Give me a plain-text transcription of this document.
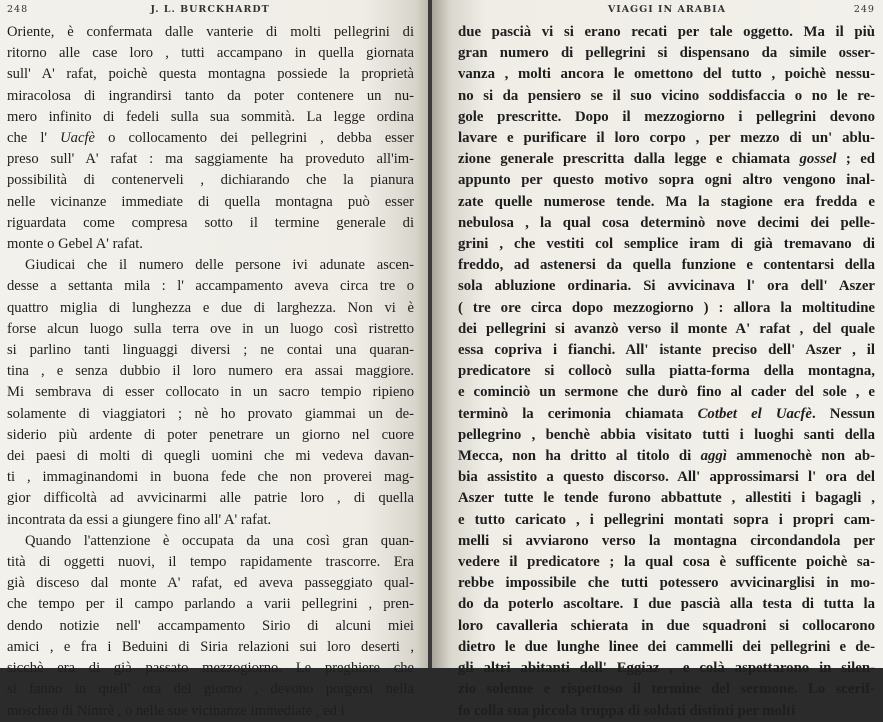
248	J. L. BURCKHARDT

Oriente, è confermata dalle vanterie di molti pellegrini di
ritorno alle case loro , tutti accampano in quella giornata
sull' A' rafat, poichè questa montagna possiede la proprietà
miracolosa di ingrandirsi tanto da poter contenere un nu-
mero infinito di fedeli sulla sua sommità. La legge ordina
che l' Uacfè o collocamento dei pellegrini , debba esser
preso sull' A' rafat : ma saggiamente ha proveduto all'im-
possibilità di contenerveli , dichiarando che la pianura
nelle vicinanze immediate di quella montagna può esser
riguardata come compresa sotto il termine generale di
monte o Gebel A' rafat.

Giudicai che il numero delle persone ivi adunate ascen-
desse a settanta mila : l' accampamento aveva circa tre o
quattro miglia di lunghezza e due di larghezza. Non vi è
forse alcun luogo sulla terra ove in un luogo così ristretto
si parlino tanti linguaggi diversi ; ne contai una quaran-
tina , e senza dubbio il loro numero era assai maggiore.
Mi sembrava di esser collocato in un sacro tempio ripieno
solamente di viaggiatori ; nè ho provato giammai un de-
siderio più ardente di poter penetrare un giorno nel cuore
dei paesi di molti di quegli uomini che mi vedeva davan-
ti , immaginandomi in buona fede che non proverei mag-
gior difficoltà ad avvicinarmi alle patrie loro , di quella
incontrata da essi a giungere fino all' A' rafat.

Quando l'attenzione è occupata da una così gran quan-
tità di oggetti nuovi, il tempo rapidamente trascorre. Era
già disceso dal monte A' rafat, ed aveva passeggiato qual-
che tempo per il campo parlando a varii pellegrini , pren-
dendo notizie nell' accampamento Sirio di alcuni miei
amici , e fra i Beduini di Siria relazioni sui loro deserti ,
sicchè era di già passato mezzogiorno. Le preghiere che
si fanno in quell' ora del giorno , devono porgersi nella
moschea di Nimrè , o nelle sue vicinanze immediate , ed i

VIAGGI IN ARABIA	249

due pascià vi si erano recati per tale oggetto. Ma il più
gran numero di pellegrini si dispensano da simile osser-
vanza , molti ancora le omettono del tutto , poichè nessu-
no si da pensiero se il suo vicino soddisfaccia o no le re-
gole prescritte. Dopo il mezzogiorno i pellegrini devono
lavare e purificare il loro corpo , per mezzo di un' ablu-
zione generale prescritta dalla legge e chiamata gossel ; ed
appunto per questo motivo sopra ogni altro vengono inal-
zate quelle numerose tende. Ma la stagione era fredda e
nebulosa , la qual cosa determinò nove decimi dei pelle-
grini , che vestiti col semplice iram di già tremavano di
freddo, ad astenersi da quella funzione e contentarsi della
sola abluzione ordinaria. Si avvicinava l' ora dell' Aszer
( tre ore circa dopo mezzogiorno ) : allora la moltitudine
dei pellegrini si avanzò verso il monte A' rafat , del quale
essa copriva i fianchi. All' istante preciso dell' Aszer , il
predicatore si collocò sulla piatta-forma della montagna,
e cominciò un sermone che durò fino al cader del sole , e
terminò la cerimonia chiamata Cotbet el Uacfè. Nessun
pellegrino , benchè abbia visitato tutti i luoghi santi della
Mecca, non ha dritto al titolo di aggì ammenochè non ab-
bia assistito a questo discorso. All' approssimarsi l' ora del
Aszer tutte le tende furono abbattute , allestiti i bagagli ,
e tutto caricato , i pellegrini montati sopra i propri cam-
melli si avviarono verso la montagna circondandola per
vedere il predicatore ; la qual cosa è sufficente poichè sa-
rebbe impossibile che tutti potessero avvicinarglisi in mo-
do da poterlo ascoltare. I due pascià alla testa di tutta la
loro cavalleria schierata in due squadroni si collocarono
dietro le due lunghe linee dei cammelli dei pellegrini e de-
gli altri abitanti dell' Eggiaz , e colà aspettarono in silen-
zio solenne e rispettoso il termine del sermone. Lo scerif-
fo colla sua piccola truppa di soldati distinti per molti
